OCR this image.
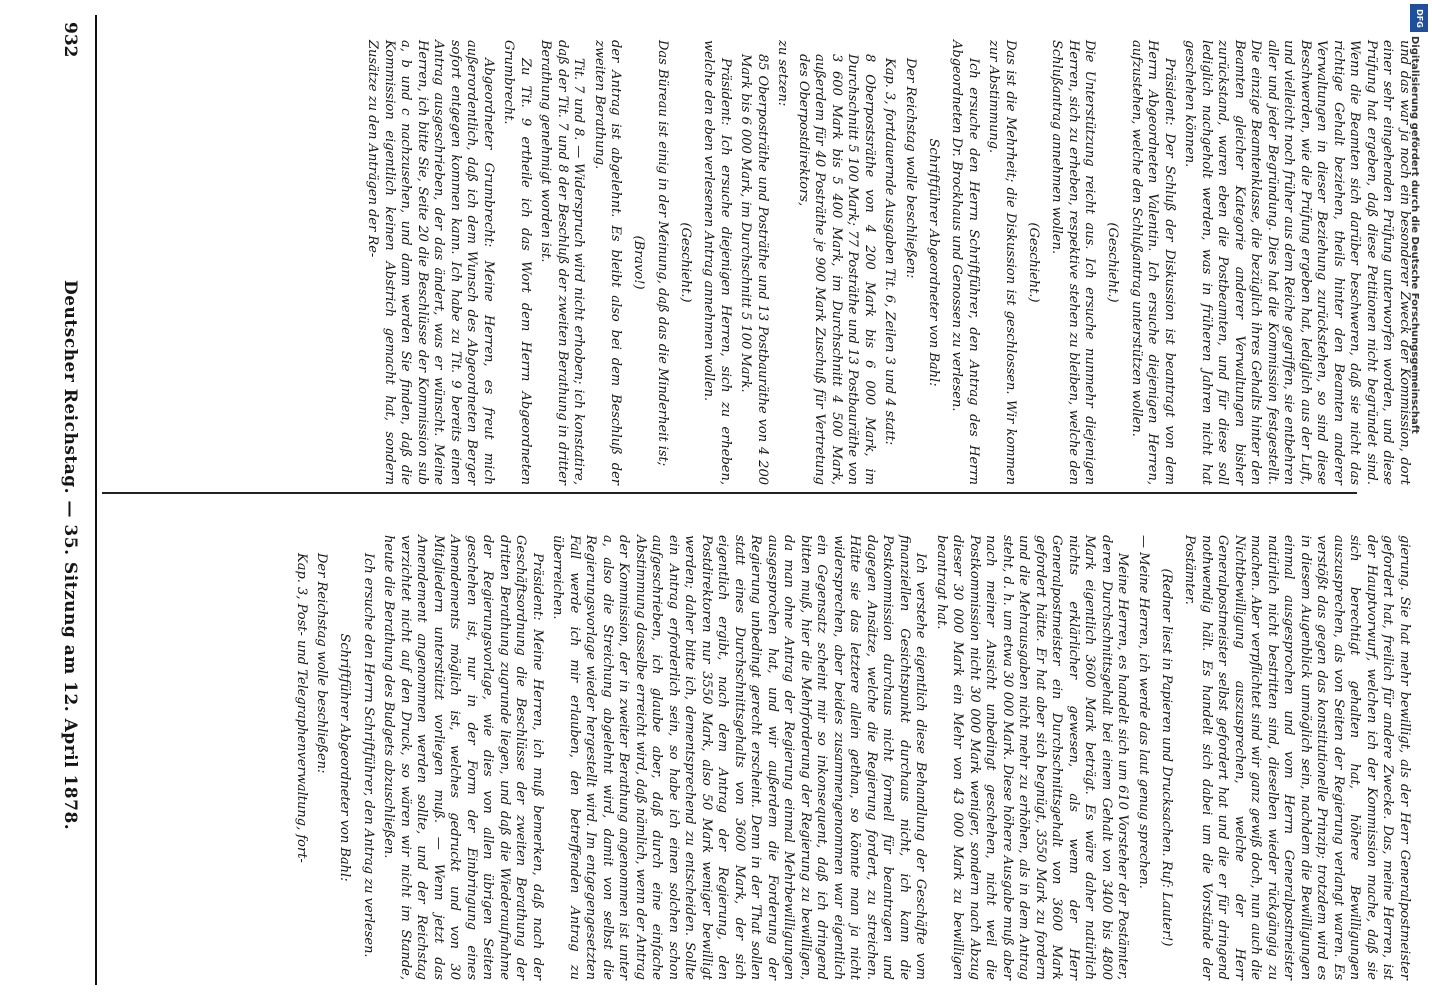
DFG
Digitalisierung gefördert durch die Deutsche Forschungsgemeinschaft
932
Deutscher Reichstag. — 35. Sitzung am 12. April 1878.

und das war ja noch ein besonderer Zweck der Kommission, dort einer sehr eingehenden Prüfung unterworfen worden, und diese Prüfung hat ergeben, daß diese Petitionen nicht begründet sind. Wenn die Beamten sich darüber beschweren, daß sie nicht das richtige Gehalt beziehen, theils hinter den Beamten anderer Verwaltungen in dieser Beziehung zurückstehen, so sind diese Beschwerden, wie die Prüfung ergeben hat, lediglich aus der Luft, und vielleicht noch früher aus dem Reiche gegriffen, sie entbehren aller und jeder Begründung. Dies hat die Kommission festgestellt. Die einzige Beamtenklasse, die bezüglich ihres Gehalts hinter den Beamten gleicher Kategorie anderer Verwaltungen bisher zurückstand, waren eben die Postbeamten, und für diese soll lediglich nachgeholt werden, was in früheren Jahren nicht hat geschehen können.

Präsident: Der Schluß der Diskussion ist beantragt von dem Herrn Abgeordneten Valentin. Ich ersuche diejenigen Herren, aufzustehen, welche den Schlußantrag unterstützen wollen.

(Geschieht.)

Die Unterstützung reicht aus. Ich ersuche nunmehr diejenigen Herren, sich zu erheben, respektive stehen zu bleiben, welche den Schlußantrag annehmen wollen.

(Geschieht.)

Das ist die Mehrheit; die Diskussion ist geschlossen. Wir kommen zur Abstimmung.

Ich ersuche den Herrn Schriftführer, den Antrag des Herrn Abgeordneten Dr. Brockhaus und Genossen zu verlesen.

Schriftführer Abgeordneter von Bahl:

Der Reichstag wolle beschließen:

Kap. 3, fortdauernde Ausgaben Tit. 6, Zeilen 3 und 4 statt:

8 Oberpostsräthe von 4 200 Mark bis 6 000 Mark, im Durchschnitt 5 100 Mark; 77 Posträthe und 13 Postbauräthe von 3 600 Mark bis 5 400 Mark, im Durchschnitt 4 500 Mark, außerdem für 40 Posträthe je 900 Mark Zuschuß für Vertretung des Oberpostdirektors,

zu setzen:

85 Oberposträthe und Posträthe und 13 Postbauräthe von 4 200 Mark bis 6 000 Mark, im Durchschnitt 5 100 Mark.

Präsident: Ich ersuche diejenigen Herren, sich zu erheben, welche den eben verlesenen Antrag annehmen wollen.

(Geschieht.)

Das Büreau ist einig in der Meinung, daß das die Minderheit ist;

(Bravo!)

der Antrag ist abgelehnt. Es bleibt also bei dem Beschluß der zweiten Berathung.

Tit. 7 und 8. — Widerspruch wird nicht erhoben; ich konstatire, daß der Tit. 7 und 8 der Beschluß der zweiten Berathung in dritter Berathung genehmigt worden ist.

Zu Tit. 9 ertheile ich das Wort dem Herrn Abgeordneten Grumbrecht.

Abgeordneter Grumbrecht: Meine Herren, es freut mich außerordentlich, daß ich dem Wunsch des Abgeordneten Berger sofort entgegen kommen kann. Ich habe zu Tit. 9 bereits einen Antrag ausgeschrieben, der das ändert, was er wünscht. Meine Herren, ich bitte Sie, Seite 20 die Beschlüsse der Kommission sub a, b und c nachzusehen, und dann werden Sie finden, daß die Kommission eigentlich keinen Abstrich gemacht hat, sondern Zusätze zu den Anträgen der Re-

gierung. Sie hat mehr bewilligt, als der Herr Generalpostmeister gefordert hat, freilich für andere Zwecke. Das, meine Herren, ist der Hauptvorwurf, welchen ich der Kommission mache, daß sie sich berechtigt gehalten hat, höhere Bewilligungen auszusprechen, als von Seiten der Regierung verlangt waren. Es verstößt das gegen das konstitutionelle Prinzip; trotzdem wird es in diesem Augenblick unmöglich sein, nachdem die Bewilligungen einmal ausgesprochen und vom Herrn Generalpostmeister natürlich nicht bestritten sind, dieselben wieder rückgängig zu machen. Aber verpflichtet sind wir ganz gewiß doch, nun auch die Nichtbewilligung auszusprechen, welche der Herr Generalpostmeister selbst gefordert hat und die er für dringend nothwendig hält. Es handelt sich dabei um die Vorstände der Postämter.

(Redner liest in Papieren und Drucksachen. Ruf: Lauter!)

— Meine Herren, ich werde das laut genug sprechen.

Meine Herren, es handelt sich um 610 Vorsteher der Postämter, deren Durchschnittsgehalt bei einem Gehalt von 3400 bis 4800 Mark eigentlich 3600 Mark beträgt. Es wäre daher natürlich nichts erklärlicher gewesen, als wenn der Herr Generalpostmeister ein Durchschnittsgehalt von 3600 Mark gefordert hätte. Er hat aber sich begnügt, 3550 Mark zu fordern und die Mehrausgaben nicht mehr zu erhöhen, als in dem Antrag steht, d. h. um etwa 30 000 Mark. Diese höhere Ausgabe muß aber nach meiner Ansicht unbedingt geschehen, nicht weil die Postkommission nicht 30 000 Mark weniger, sondern nach Abzug dieser 30 000 Mark ein Mehr von 43 000 Mark zu bewilligen beantragt hat.

Ich verstehe eigentlich diese Behandlung der Geschäfte vom finanziellen Gesichtspunkt durchaus nicht, ich kann die Postkommission durchaus nicht formell für beantragen und dagegen Ansätze, welche die Regierung fordert, zu streichen. Hätte sie das letztere allein gethan, so könnte man ja nicht widersprechen, aber beides zusammengenommen war eigentlich ein Gegensatz scheint mir so inkonsequent, daß ich dringend bitten muß, hier die Mehrforderung der Regierung zu bewilligen, da man ohne Antrag der Regierung einmal Mehrbewilligungen ausgesprochen hat, und wir außerdem die Forderung der Regierung unbedingt gerecht erscheint. Denn in der That sollen statt eines Durchschnittsgehalts von 3600 Mark, der sich eigentlich ergibt, nach dem Antrag der Regierung, den Postdirektoren nur 3550 Mark, also 50 Mark weniger bewilligt werden; daher bitte ich, dementsprechend zu entscheiden. Sollte ein Antrag erforderlich sein, so habe ich einen solchen schon aufgeschrieben, ich glaube aber, daß durch eine einfache Abstimmung dasselbe erreicht wird, daß nämlich, wenn der Antrag der Kommission, der in zweiter Berathung angenommen ist unter a, also die Streichung abgelehnt wird, damit von selbst die Regierungsvorlage wieder hergestellt wird. Im entgegengesetzten Fall werde ich mir erlauben, den betreffenden Antrag zu überreichen.

Präsident: Meine Herren, ich muß bemerken, daß nach der Geschäftsordnung die Beschlüsse der zweiten Berathung der dritten Berathung zugrunde liegen, und daß die Wiederaufnahme der Regierungsvorlage, wie dies von allen übrigen Seiten geschehen ist, nur in der Form der Einbringung eines Amendements möglich ist, welches gedruckt und von 30 Mitgliedern unterstützt vorliegen muß. — Wenn jetzt das Amendement angenommen werden sollte, und der Reichstag verzichtet nicht auf den Druck, so wären wir nicht im Stande, heute die Berathung des Budgets abzuschließen.

Ich ersuche den Herrn Schriftführer, den Antrag zu verlesen.

Schriftführer Abgeordneter von Bahl:

Der Reichstag wolle beschließen:

Kap. 3, Post- und Telegraphenverwaltung, fort-
